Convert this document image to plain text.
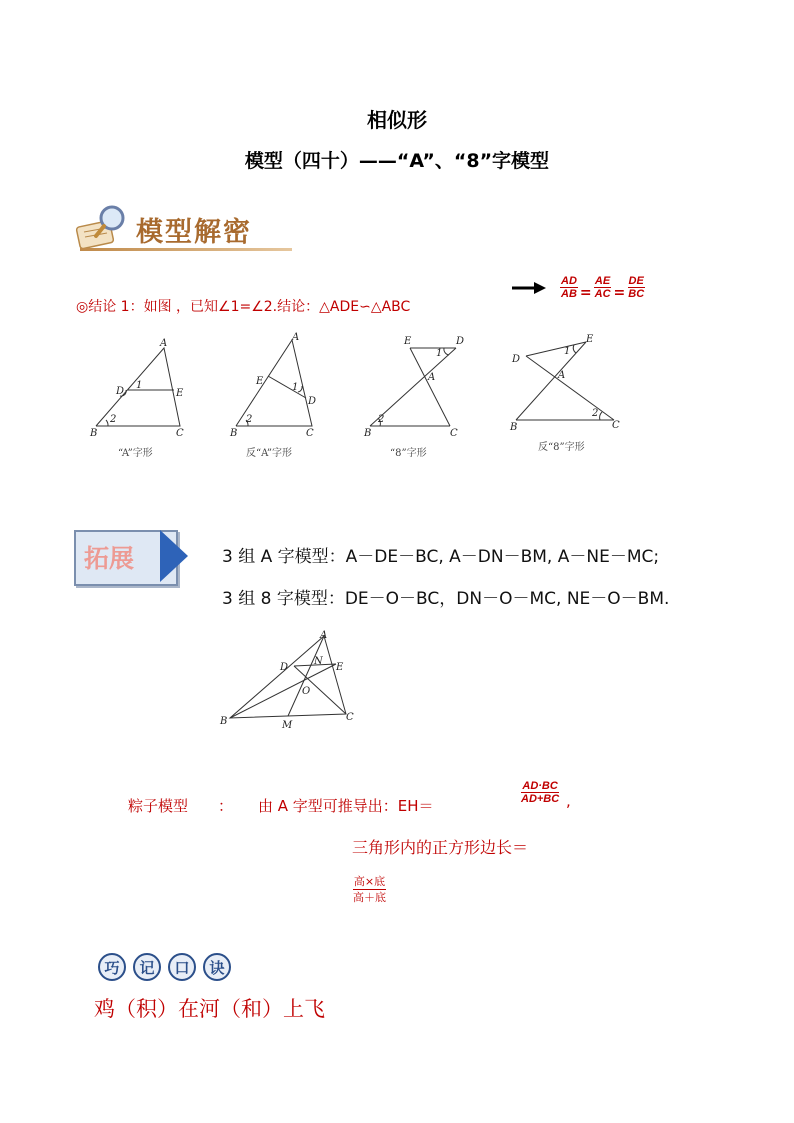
相似形
模型（四十）——“A”、“8”字模型
模型解密
◎结论 1：如图 ，已知∠1=∠2.结论：△ADE∽△ABC
$\frac{AD}{AB} = \frac{AE}{AC} = \frac{DE}{BC}$
A
D	E
B	C
1
2
A
E
D
B	C
1
2
E	D
A
B	C
1
2
D
E
A
B	C
1
2
“A”字形	反“A”字形	“8”字形
反“8”字形
拓展	3 组 A 字模型：A－DE－BC, A－DN－BM, A－NE－MC;
3 组 8 字模型：DE－O－BC，DN－O－MC, NE－O－BM.
A
D
N
E
O
B	M
C
粽子模型 ： 由 A 字型可推导出：EH＝
$\frac{AD\cdot BC}{AD+BC}$ ,
三角形内的正方形边长＝
$\frac{\text{高×底}}{\text{高＋底}}$
巧	记	口	诀
鸡（积）在河（和）上飞
